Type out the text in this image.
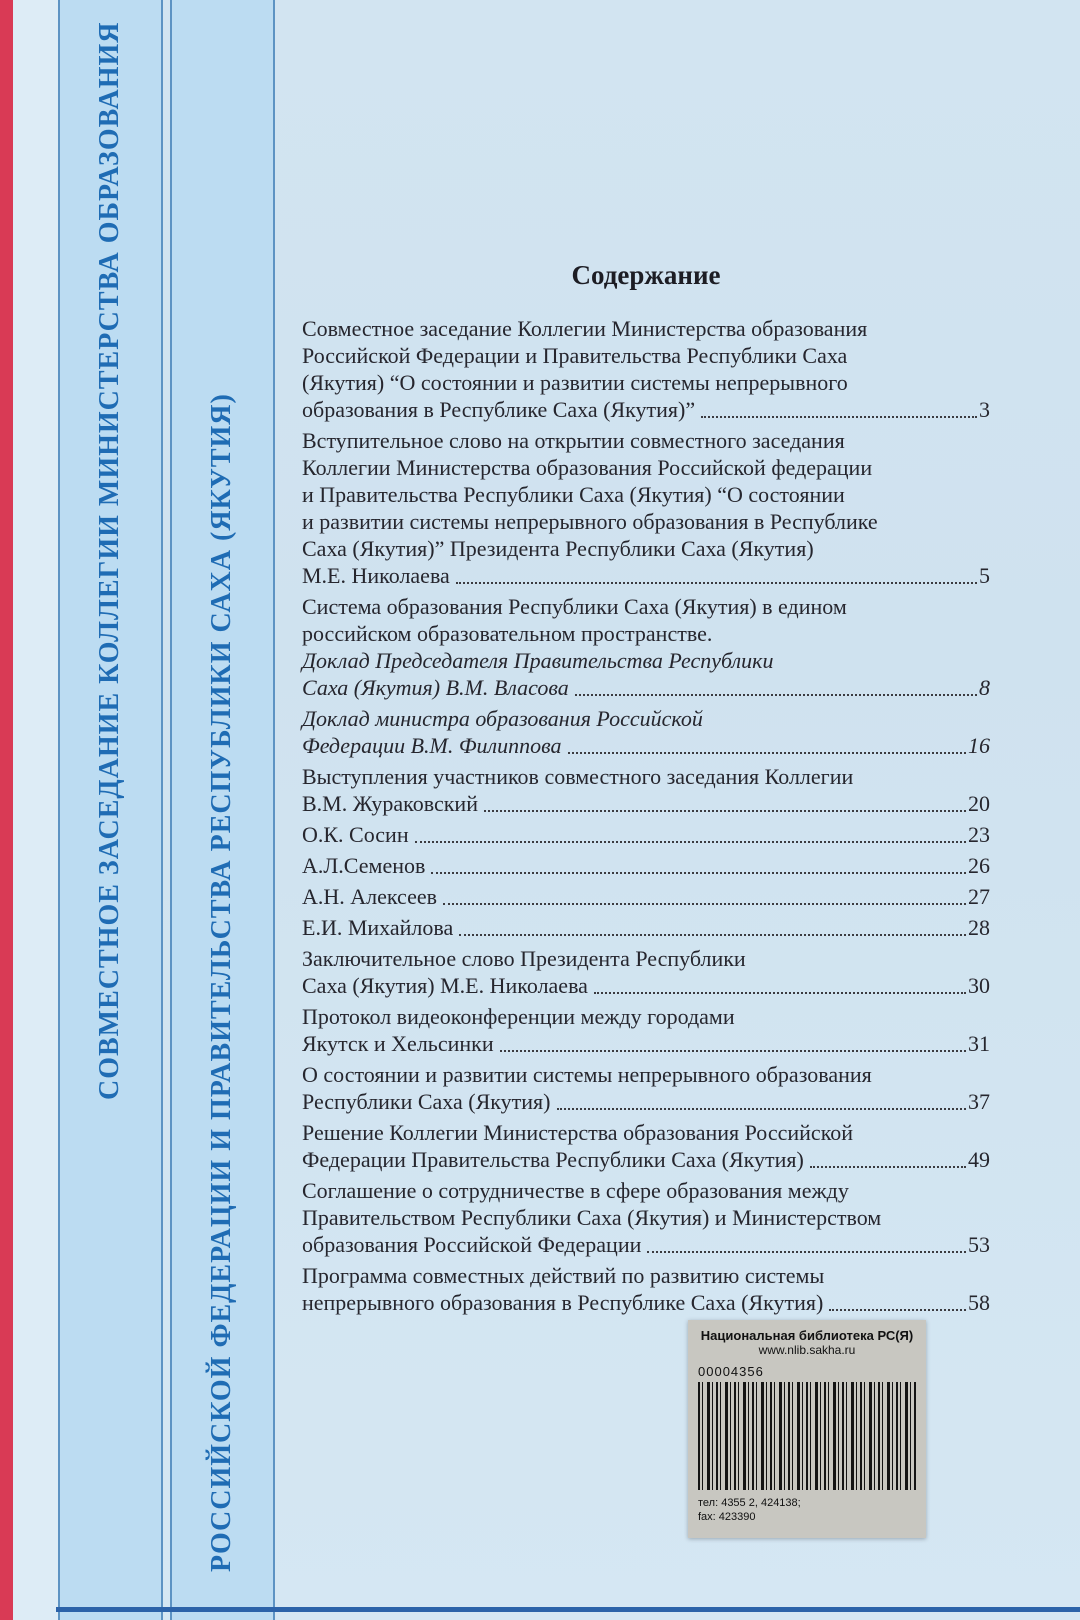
СОВМЕСТНОЕ ЗАСЕДАНИЕ КОЛЛЕГИИ МИНИСТЕРСТВА ОБРАЗОВАНИЯ	РОССИЙСКОЙ ФЕДЕРАЦИИ И ПРАВИТЕЛЬСТВА РЕСПУБЛИКИ САХА (ЯКУТИЯ)
Содержание
Совместное заседание Коллегии Министерства образования
Российской Федерации и Правительства Республики Саха
(Якутия) “О состоянии и развитии системы непрерывного
образования в Республике Саха (Якутия)”	3
Вступительное слово на открытии совместного заседания
Коллегии Министерства образования Российской федерации
и Правительства Республики Саха (Якутия) “О состоянии
и развитии системы непрерывного образования в Республике
Саха (Якутия)” Президента Республики Саха (Якутия)
М.Е. Николаева	5
Система образования Республики Саха (Якутия) в едином
российском образовательном пространстве.
Доклад Председателя Правительства Республики
Саха (Якутия) В.М. Власова	8
Доклад министра образования Российской
Федерации В.М. Филиппова	16
Выступления участников совместного заседания Коллегии
В.М. Жураковский	20
О.К. Сосин	23
А.Л.Семенов	26
А.Н. Алексеев	27
Е.И. Михайлова	28
Заключительное слово Президента Республики
Саха (Якутия) М.Е. Николаева	30
Протокол видеоконференции между городами
Якутск и Хельсинки	31
О состоянии и развитии системы непрерывного образования
Республики Саха (Якутия)	37
Решение Коллегии Министерства образования Российской
Федерации Правительства Республики Саха (Якутия)	49
Соглашение о сотрудничестве в сфере образования между
Правительством Республики Саха (Якутия) и Министерством
образования Российской Федерации	53
Программа совместных действий по развитию системы
непрерывного образования в Республике Саха (Якутия)	58
Национальная библиотека РС(Я)
www.nlib.sakha.ru
00004356
тел: 4355 2, 424138;
fax: 423390
